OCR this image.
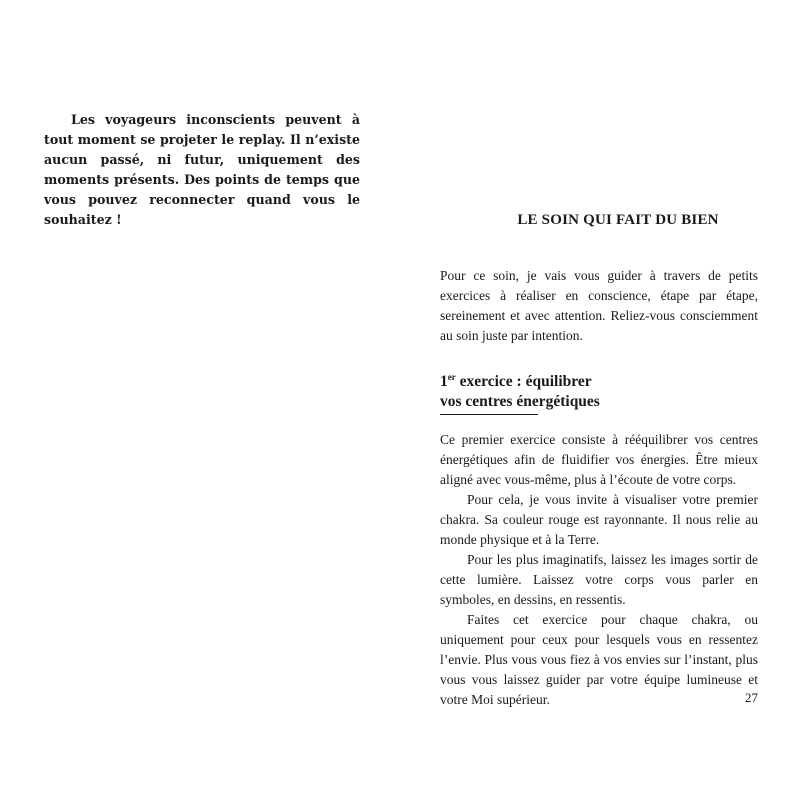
Les voyageurs inconscients peuvent à tout moment se projeter le replay. Il n’existe aucun passé, ni futur, uniquement des moments présents. Des points de temps que vous pouvez reconnecter quand vous le souhaitez !	LE SOIN QUI FAIT DU BIEN

Pour ce soin, je vais vous guider à travers de petits exercices à réaliser en conscience, étape par étape, sereinement et avec attention. Reliez-vous consciemment au soin juste par intention.

1er exercice : équilibrer
vos centres énergétiques

Ce premier exercice consiste à rééquilibrer vos centres énergétiques afin de fluidifier vos énergies. Être mieux aligné avec vous-même, plus à l’écoute de votre corps.

Pour cela, je vous invite à visualiser votre premier chakra. Sa couleur rouge est rayonnante. Il nous relie au monde physique et à la Terre.

Pour les plus imaginatifs, laissez les images sortir de cette lumière. Laissez votre corps vous parler en symboles, en dessins, en ressentis.

Faites cet exercice pour chaque chakra, ou uniquement pour ceux pour lesquels vous en ressentez l’envie. Plus vous vous fiez à vos envies sur l’instant, plus vous vous laissez guider par votre équipe lumineuse et votre Moi supérieur.	27
